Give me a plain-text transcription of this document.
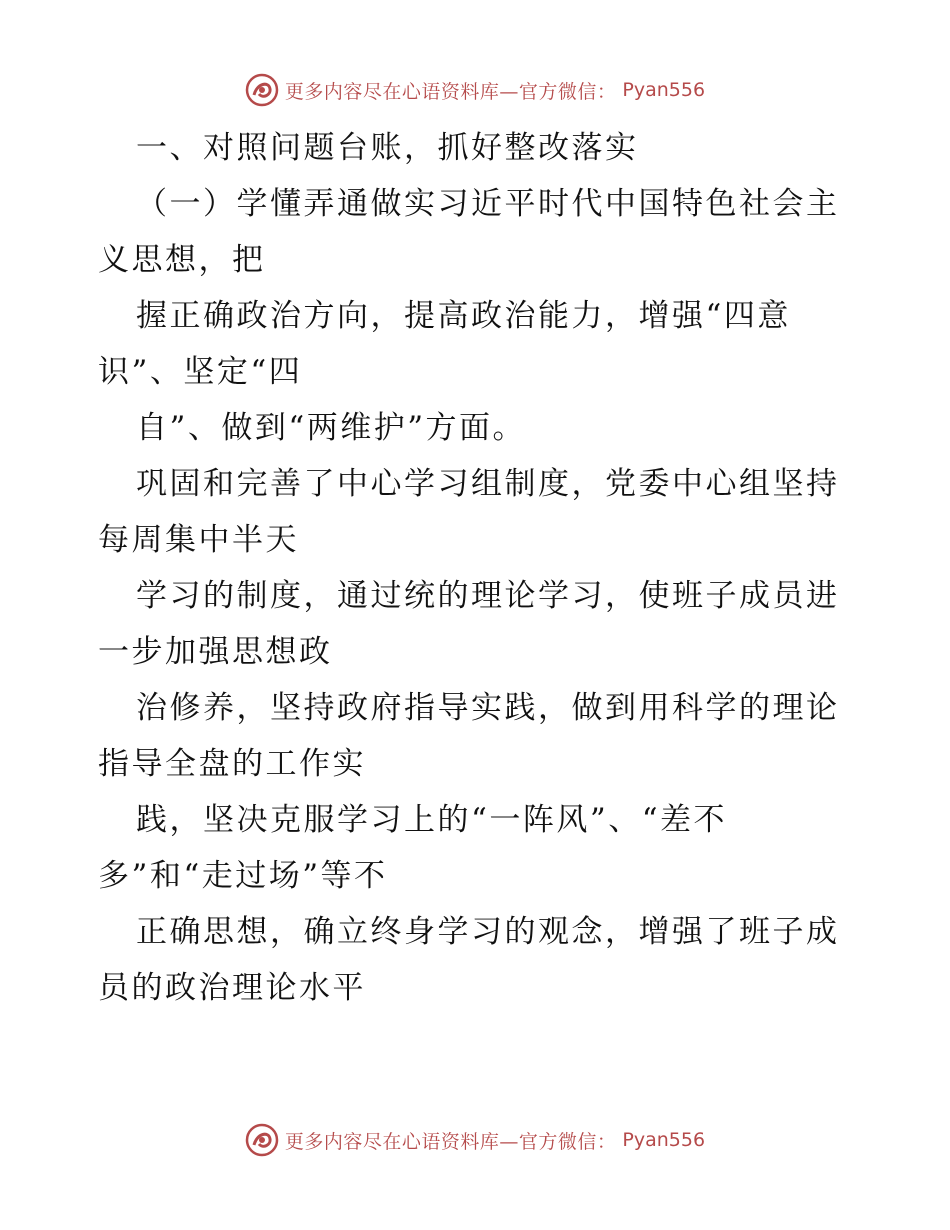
更多内容尽在心语资料库—官方微信： Pyan556
一、对照问题台账，抓好整改落实
（一）学懂弄通做实习近平时代中国特色社会主
义思想，把
握正确政治方向，提高政治能力，增强“四意
识”、坚定“四
自”、做到“两维护”方面。
巩固和完善了中心学习组制度，党委中心组坚持
每周集中半天
学习的制度，通过统的理论学习，使班子成员进
一步加强思想政
治修养，坚持政府指导实践，做到用科学的理论
指导全盘的工作实
践，坚决克服学习上的“一阵风”、“差不
多”和“走过场”等不
正确思想，确立终身学习的观念，增强了班子成
员的政治理论水平
更多内容尽在心语资料库—官方微信： Pyan556
